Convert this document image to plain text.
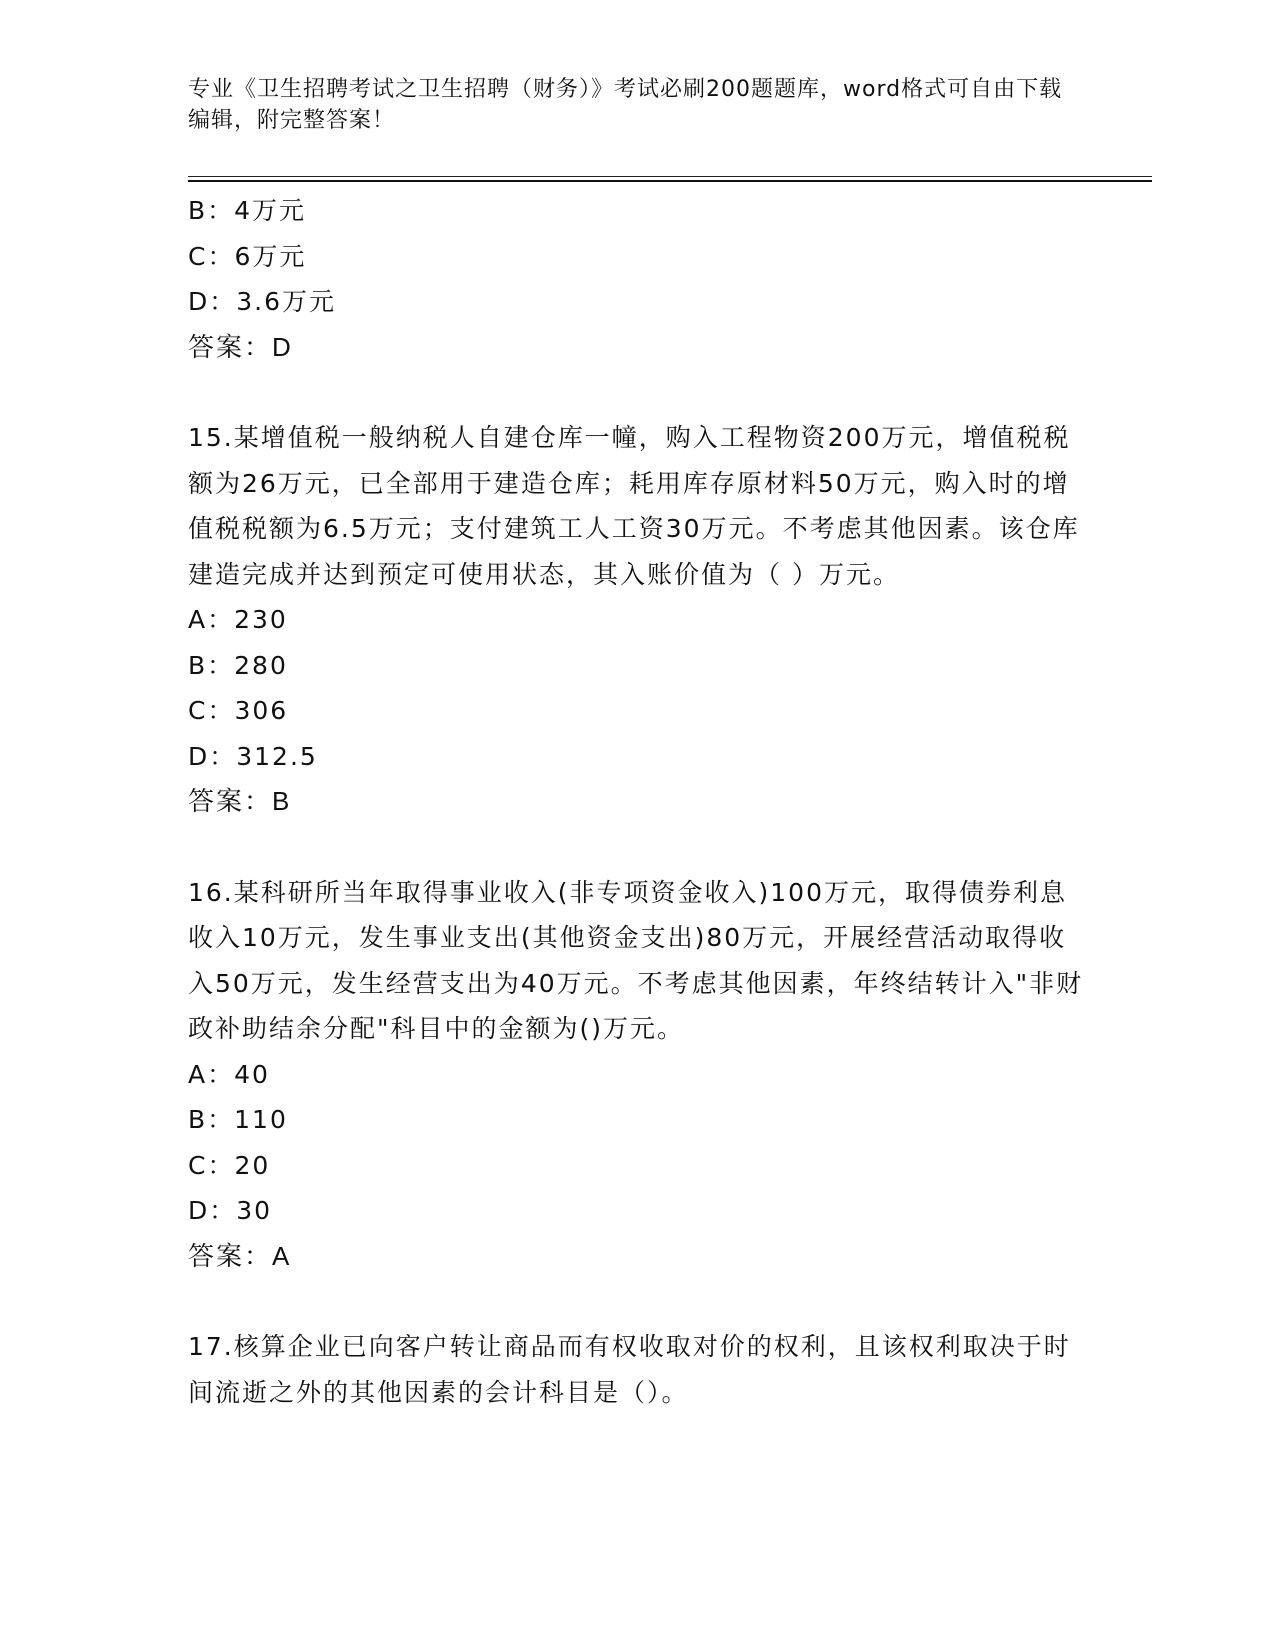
专业《卫生招聘考试之卫生招聘（财务）》考试必刷200题题库，word格式可自由下载编辑，附完整答案！

B：4万元

C：6万元

D：3.6万元

答案：D

15.某增值税一般纳税人自建仓库一幢，购入工程物资200万元，增值税税额为26万元，已全部用于建造仓库；耗用库存原材料50万元，购入时的增值税税额为6.5万元；支付建筑工人工资30万元。不考虑其他因素。该仓库建造完成并达到预定可使用状态，其入账价值为（ ）万元。

A：230

B：280

C：306

D：312.5

答案：B

16.某科研所当年取得事业收入(非专项资金收入)100万元，取得债券利息收入10万元，发生事业支出(其他资金支出)80万元，开展经营活动取得收入50万元，发生经营支出为40万元。不考虑其他因素，年终结转计入"非财政补助结余分配"科目中的金额为()万元。

A：40

B：110

C：20

D：30

答案：A

17.核算企业已向客户转让商品而有权收取对价的权利，且该权利取决于时间流逝之外的其他因素的会计科目是（）。
